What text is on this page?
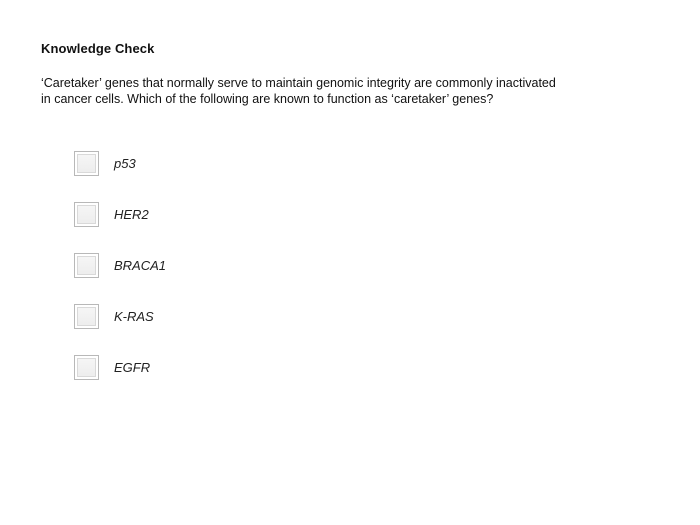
Knowledge Check
‘Caretaker’ genes that normally serve to maintain genomic integrity are commonly inactivated
in cancer cells. Which of the following are known to function as ‘caretaker’ genes?
p53
HER2
BRACA1
K-RAS
EGFR
